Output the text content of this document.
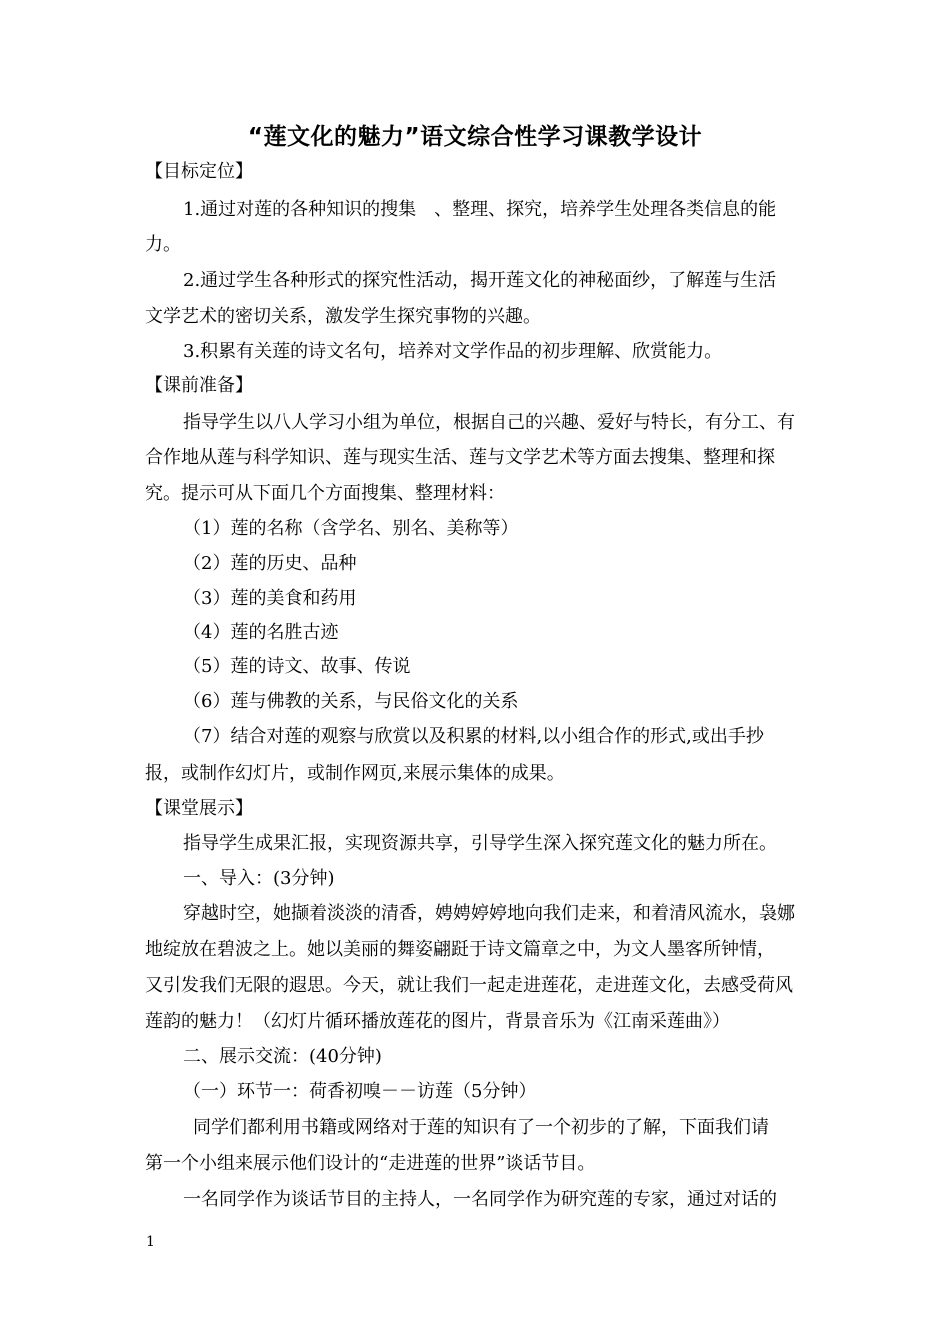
“莲文化的魅力”语文综合性学习课教学设计
【目标定位】
1.通过对莲的各种知识的搜集　、整理、探究，培养学生处理各类信息的能
力。
2.通过学生各种形式的探究性活动，揭开莲文化的神秘面纱，了解莲与生活
文学艺术的密切关系，激发学生探究事物的兴趣。
3.积累有关莲的诗文名句，培养对文学作品的初步理解、欣赏能力。
【课前准备】
指导学生以八人学习小组为单位，根据自己的兴趣、爱好与特长，有分工、有
合作地从莲与科学知识、莲与现实生活、莲与文学艺术等方面去搜集、整理和探
究。提示可从下面几个方面搜集、整理材料：
（1）莲的名称（含学名、别名、美称等）
（2）莲的历史、品种
（3）莲的美食和药用
（4）莲的名胜古迹
（5）莲的诗文、故事、传说
（6）莲与佛教的关系，与民俗文化的关系
（7）结合对莲的观察与欣赏以及积累的材料,以小组合作的形式,或出手抄
报，或制作幻灯片，或制作网页,来展示集体的成果。
【课堂展示】
指导学生成果汇报，实现资源共享，引导学生深入探究莲文化的魅力所在。
一、导入：(3分钟)
穿越时空，她撷着淡淡的清香，娉娉婷婷地向我们走来，和着清风流水，袅娜
地绽放在碧波之上。她以美丽的舞姿翩跹于诗文篇章之中，为文人墨客所钟情，
又引发我们无限的遐思。今天，就让我们一起走进莲花，走进莲文化，去感受荷风
莲韵的魅力！（幻灯片循环播放莲花的图片，背景音乐为《江南采莲曲》）
二、展示交流：(40分钟)
（一）环节一：荷香初嗅－－访莲（5分钟）
同学们都利用书籍或网络对于莲的知识有了一个初步的了解，下面我们请
第一个小组来展示他们设计的“走进莲的世界”谈话节目。
一名同学作为谈话节目的主持人，一名同学作为研究莲的专家，通过对话的
1
